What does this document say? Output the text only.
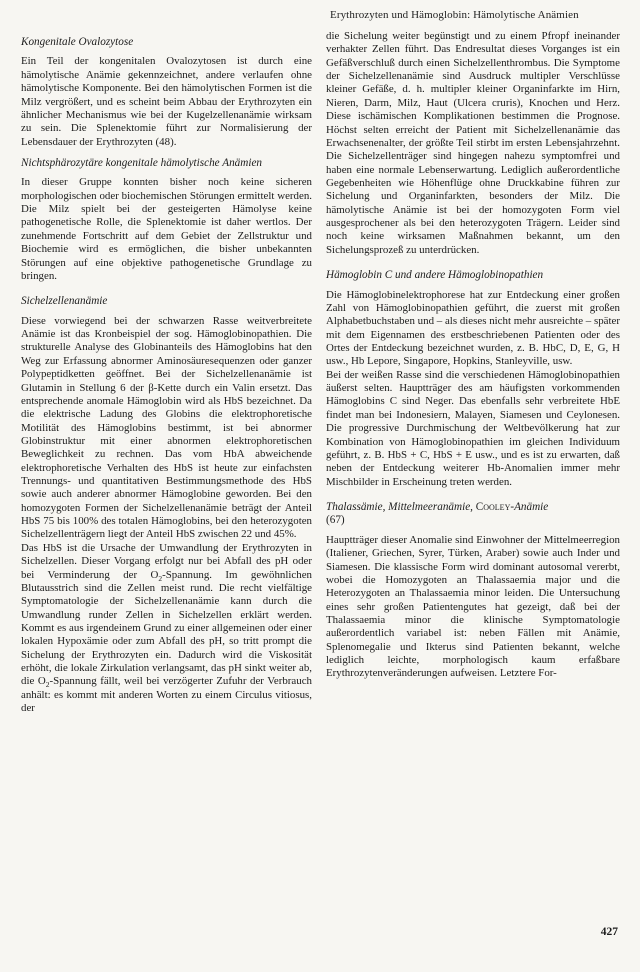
Erythrozyten und Hämoglobin: Hämolytische Anämien
Kongenitale Ovalozytose

Ein Teil der kongenitalen Ovalozytosen ist durch eine hämolytische Anämie gekennzeichnet, andere verlaufen ohne hämolytische Komponente. Bei den hämolytischen Formen ist die Milz vergrößert, und es scheint beim Abbau der Erythrozyten ein ähnlicher Mechanismus wie bei der Kugelzellenanämie wirksam zu sein. Die Splenektomie führt zur Normalisierung der Lebensdauer der Erythrozyten (48).

Nichtsphärozytäre kongenitale hämolytische Anämien

In dieser Gruppe konnten bisher noch keine sicheren morphologischen oder biochemischen Störungen ermittelt werden. Die Milz spielt bei der gesteigerten Hämolyse keine pathogenetische Rolle, die Splenektomie ist daher wertlos. Der zunehmende Fortschritt auf dem Gebiet der Zellstruktur und Biochemie wird es ermöglichen, die bisher unbekannten Störungen auf eine objektive pathogenetische Grundlage zu bringen.

Sichelzellenanämie

Diese vorwiegend bei der schwarzen Rasse weitverbreitete Anämie ist das Kronbeispiel der sog. Hämoglobinopathien. Die strukturelle Analyse des Globinanteils des Hämoglobins hat den Weg zur Erfassung abnormer Aminosäuresequenzen oder ganzer Polypeptidketten geöffnet. Bei der Sichelzellenanämie ist Glutamin in Stellung 6 der β-Kette durch ein Valin ersetzt. Das entsprechende anomale Hämoglobin wird als HbS bezeichnet. Da die elektrische Ladung des Globins die elektrophoretische Motilität des Hämoglobins bestimmt, ist bei abnormer Globinstruktur mit einer abnormen elektrophoretischen Beweglichkeit zu rechnen. Das vom HbA abweichende elektrophoretische Verhalten des HbS ist heute zur einfachsten Trennungs- und quantitativen Bestimmungsmethode des HbS sowie auch anderer abnormer Hämoglobine geworden. Bei den homozygoten Formen der Sichelzellenanämie beträgt der Anteil HbS 75 bis 100% des totalen Hämoglobins, bei den heterozygoten Sichelzellenträgern liegt der Anteil HbS zwischen 22 und 45%.

Das HbS ist die Ursache der Umwandlung der Erythrozyten in Sichelzellen. Dieser Vorgang erfolgt nur bei Abfall des pH oder bei Verminderung der $O_2$-Spannung. Im gewöhnlichen Blutausstrich sind die Zellen meist rund. Die recht vielfältige Symptomatologie der Sichelzellenanämie kann durch die Umwandlung runder Zellen in Sichelzellen erklärt werden. Kommt es aus irgendeinem Grund zu einer allgemeinen oder einer lokalen Hypoxämie oder zum Abfall des pH, so tritt prompt die Sichelung der Erythrozyten ein. Dadurch wird die Viskosität erhöht, die lokale Zirkulation verlangsamt, das pH sinkt weiter ab, die $O_2$-Spannung fällt, weil bei verzögerter Zufuhr der Verbrauch anhält: es kommt mit anderen Worten zu einem Circulus vitiosus, der

die Sichelung weiter begünstigt und zu einem Pfropf ineinander verhakter Zellen führt. Das Endresultat dieses Vorganges ist ein Gefäßverschluß durch einen Sichelzellenthrombus. Die Symptome der Sichelzellenanämie sind Ausdruck multipler Verschlüsse kleiner Gefäße, d. h. multipler kleiner Organinfarkte im Hirn, Nieren, Darm, Milz, Haut (Ulcera cruris), Knochen und Herz. Diese ischämischen Komplikationen bestimmen die Prognose. Höchst selten erreicht der Patient mit Sichelzellenanämie das Erwachsenenalter, der größte Teil stirbt im ersten Lebensjahrzehnt. Die Sichelzellenträger sind hingegen nahezu symptomfrei und haben eine normale Lebenserwartung. Lediglich außerordentliche Gegebenheiten wie Höhenflüge ohne Druckkabine führen zur Sichelung und Organinfarkten, besonders der Milz. Die hämolytische Anämie ist bei der homozygoten Form viel ausgesprochener als bei den heterozygoten Trägern. Leider sind noch keine wirksamen Maßnahmen bekannt, um den Sichelungsprozeß zu unterdrücken.

Hämoglobin C und andere Hämoglobinopathien

Die Hämoglobinelektrophorese hat zur Entdeckung einer großen Zahl von Hämoglobinopathien geführt, die zuerst mit großen Alphabetbuchstaben und – als dieses nicht mehr ausreichte – später mit dem Eigennamen des erstbeschriebenen Patienten oder des Ortes der Entdeckung bezeichnet wurden, z. B. HbC, D, E, G, H usw., Hb Lepore, Singapore, Hopkins, Stanleyville, usw.

Bei der weißen Rasse sind die verschiedenen Hämoglobinopathien äußerst selten. Hauptträger des am häufigsten vorkommenden Hämoglobins C sind Neger. Das ebenfalls sehr verbreitete HbE findet man bei Indonesiern, Malayen, Siamesen und Ceylonesen. Die progressive Durchmischung der Weltbevölkerung hat zur Kombination von Hämoglobinopathien im gleichen Individuum geführt, z. B. HbS + C, HbS + E usw., und es ist zu erwarten, daß neben der Entdeckung weiterer Hb-Anomalien immer mehr Mischbilder in Erscheinung treten werden.

Thalassämie, Mittelmeeranämie, Cooley-Anämie
(67)

Hauptträger dieser Anomalie sind Einwohner der Mittelmeerregion (Italiener, Griechen, Syrer, Türken, Araber) sowie auch Inder und Siamesen. Die klassische Form wird dominant autosomal vererbt, wobei die Homozygoten an Thalassaemia major und die Heterozygoten an Thalassaemia minor leiden. Die Untersuchung eines sehr großen Patientengutes hat gezeigt, daß bei der Thalassaemia minor die klinische Symptomatologie außerordentlich variabel ist: neben Fällen mit Anämie, Splenomegalie und Ikterus sind Patienten bekannt, welche lediglich leichte, morphologisch kaum erfaßbare Erythrozytenveränderungen aufweisen. Letztere For-

427
